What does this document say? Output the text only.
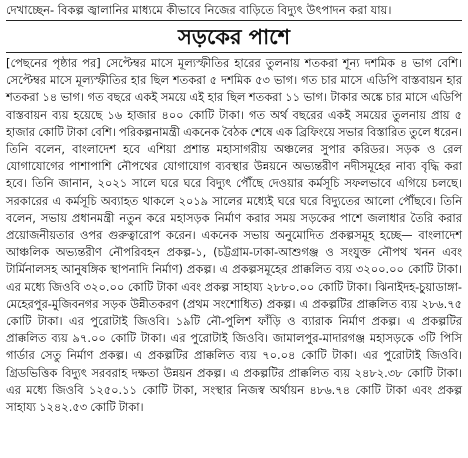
দেখাচ্ছেন- বিকল্প জ্বালানির মাধ্যমে কীভাবে নিজের বাড়িতে বিদ্যুৎ উৎপাদন করা যায়।
সড়কের পাশে

[পেছনের পৃষ্ঠার পর] সেপ্টেম্বর মাসে মূল্যস্ফীতির হারের তুলনায় শতকরা শূন্য দশমিক ৪ ভাগ বেশি। সেপ্টেম্বর মাসে মূল্যস্ফীতির হার ছিল শতকরা ৫ দশমিক ৫৩ ভাগ। গত চার মাসে এডিপি বাস্তবায়ন হার শতকরা ১৪ ভাগ। গত বছরে একই সময়ে এই হার ছিল শতকরা ১১ ভাগ। টাকার অঙ্কে চার মাসে এডিপি বাস্তবায়ন ব্যয় হয়েছে ১৬ হাজার ৪০০ কোটি টাকা। গত অর্থ বছরের একই সময়ের তুলনায় প্রায় ৫ হাজার কোটি টাকা বেশি। পরিকল্পনামন্ত্রী একনেক বৈঠক শেষে এক ব্রিফিংয়ে সভার বিস্তারিত তুলে ধরেন। তিনি বলেন, বাংলাদেশ হবে এশিয়া প্রশান্ত মহাসাগরীয় অঞ্চলের সুপার করিডর। সড়ক ও রেল যোগাযোগের পাশাপাশি নৌপথের যোগাযোগ ব্যবস্থার উন্নয়নে অভ্যন্তরীণ নদীসমূহের নাব্য বৃদ্ধি করা হবে। তিনি জানান, ২০২১ সালে ঘরে ঘরে বিদ্যুৎ পৌঁছে দেওয়ার কর্মসূচি সফলভাবে এগিয়ে চলছে। সরকারের এ কর্মসূচি অব্যাহত থাকলে ২০১৯ সালের মধ্যেই ঘরে ঘরে বিদ্যুতের আলো পৌঁছবে। তিনি বলেন, সভায় প্রধানমন্ত্রী নতুন করে মহাসড়ক নির্মাণ করার সময় সড়কের পাশে জলাধার তৈরি করার প্রয়োজনীয়তার ওপর গুরুত্বারোপ করেন। একনেক সভায় অনুমোদিত প্রকল্পসমূহ হচ্ছে— বাংলাদেশ আঞ্চলিক অভ্যন্তরীণ নৌপরিবহন প্রকল্প-১, (চট্টগ্রাম-ঢাকা-আশুগঞ্জ ও সংযুক্ত নৌপথ খনন এবং টার্মিনালসহ আনুষঙ্গিক স্থাপনাদি নির্মাণ) প্রকল্প। এ প্রকল্পসমূহের প্রাক্কলিত ব্যয় ৩২০০.০০ কোটি টাকা। এর মধ্যে জিওবি ৩২০.০০ কোটি টাকা এবং প্রকল্প সাহায্য ২৮৮০.০০ কোটি টাকা। ঝিনাইদহ-চুয়াডাঙ্গা-মেহেরপুর-মুজিবনগর সড়ক উন্নীতকরণ (প্রথম সংশোধিত) প্রকল্প। এ প্রকল্পটির প্রাক্কলিত ব্যয় ২৮৬.৭৫ কোটি টাকা। এর পুরোটাই জিওবি। ১৯টি নৌ-পুলিশ ফাঁড়ি ও ব্যারাক নির্মাণ প্রকল্প। এ প্রকল্পটির প্রাক্কলিত ব্যয় ৯৭.০০ কোটি টাকা। এর পুরোটাই জিওবি। জামালপুর-মাদারগঞ্জ মহাসড়কে ৩টি পিসি গার্ডার সেতু নির্মাণ প্রকল্প। এ প্রকল্পটির প্রাক্কলিত ব্যয় ৭০.০৪ কোটি টাকা। এর পুরোটাই জিওবি। গ্রিডভিত্তিক বিদ্যুৎ সরবরাহ দক্ষতা উন্নয়ন প্রকল্প। এ প্রকল্পটির প্রাক্কলিত ব্যয় ২৪৮২.৩৮ কোটি টাকা। এর মধ্যে জিওবি ১২৫০.১১ কোটি টাকা, সংস্থার নিজস্ব অর্থায়ন ৪৮৬.৭৪ কোটি টাকা এবং প্রকল্প সাহায্য ১২৪২.৫৩ কোটি টাকা।
